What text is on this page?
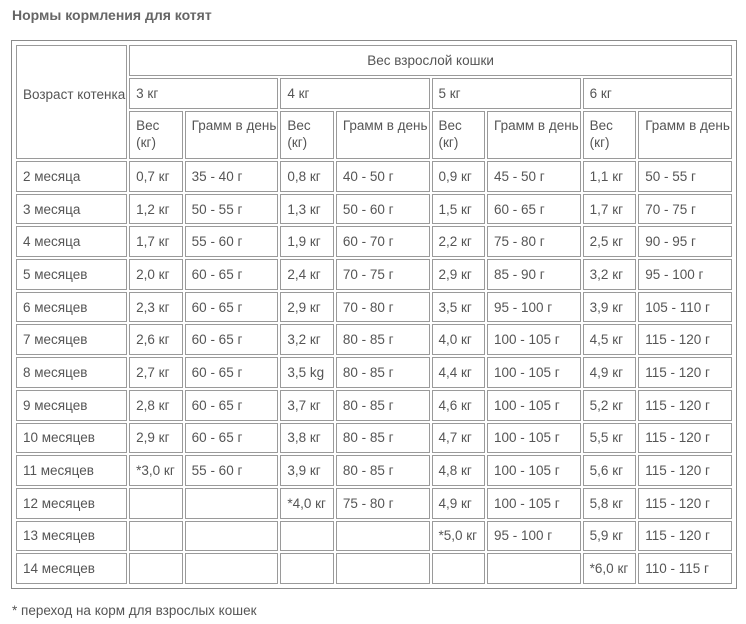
Нормы кормления для котят
Возраст котенка	Вес взрослой кошки							
	3 кг		4 кг		5 кг		6 кг	
	Вес (кг)	Грамм в день	Вес (кг)	Грамм в день	Вес (кг)	Грамм в день	Вес (кг)	Грамм в день
2 месяца	0,7 кг	35 - 40 г	0,8 кг	40 - 50 г	0,9 кг	45 - 50 г	1,1 кг	50 - 55 г
3 месяца	1,2 кг	50 - 55 г	1,3 кг	50 - 60 г	1,5 кг	60 - 65 г	1,7 кг	70 - 75 г
4 месяца	1,7 кг	55 - 60 г	1,9 кг	60 - 70 г	2,2 кг	75 - 80 г	2,5 кг	90 - 95 г
5 месяцев	2,0 кг	60 - 65 г	2,4 кг	70 - 75 г	2,9 кг	85 - 90 г	3,2 кг	95 - 100 г
6 месяцев	2,3 кг	60 - 65 г	2,9 кг	70 - 80 г	3,5 кг	95 - 100 г	3,9 кг	105 - 110 г
7 месяцев	2,6 кг	60 - 65 г	3,2 кг	80 - 85 г	4,0 кг	100 - 105 г	4,5 кг	115 - 120 г
8 месяцев	2,7 кг	60 - 65 г	3,5 kg	80 - 85 г	4,4 кг	100 - 105 г	4,9 кг	115 - 120 г
9 месяцев	2,8 кг	60 - 65 г	3,7 кг	80 - 85 г	4,6 кг	100 - 105 г	5,2 кг	115 - 120 г
10 месяцев	2,9 кг	60 - 65 г	3,8 кг	80 - 85 г	4,7 кг	100 - 105 г	5,5 кг	115 - 120 г
11 месяцев	*3,0 кг	55 - 60 г	3,9 кг	80 - 85 г	4,8 кг	100 - 105 г	5,6 кг	115 - 120 г
12 месяцев			*4,0 кг	75 - 80 г	4,9 кг	100 - 105 г	5,8 кг	115 - 120 г
13 месяцев					*5,0 кг	95 - 100 г	5,9 кг	115 - 120 г
14 месяцев							*6,0 кг	110 - 115 г
* переход на корм для взрослых кошек
